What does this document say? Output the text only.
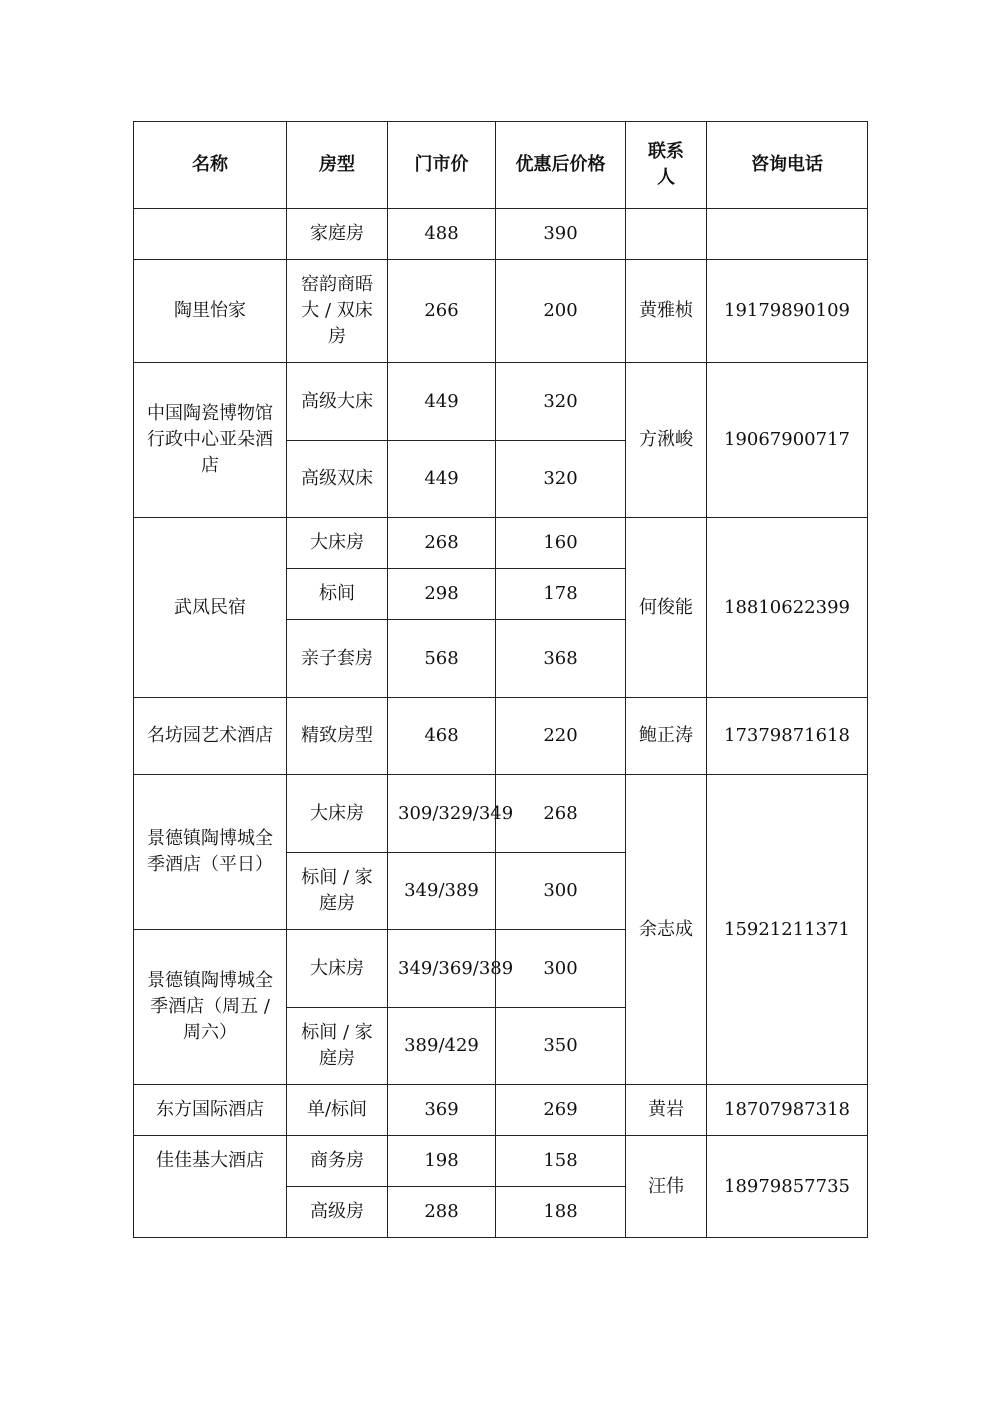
名称	房型	门市价	优惠后价格	联系人	咨询电话
	家庭房	488	390		
陶里怡家	窑韵商晤大 / 双床房	266	200	黄雅桢	19179890109
中国陶瓷博物馆行政中心亚朵酒店	高级大床	449	320	方湫峻	19067900717
	高级双床	449	320		
武凤民宿	大床房	268	160	何俊能	18810622399
	标间	298	178		
	亲子套房	568	368		
名坊园艺术酒店	精致房型	468	220	鲍正涛	17379871618
景德镇陶博城全季酒店（平日）	大床房	309/329/349	268	余志成	15921211371
	标间 / 家庭房	349/389	300		
景德镇陶博城全季酒店（周五 / 周六）	大床房	349/369/389	300		
	标间 / 家庭房	389/429	350		
东方国际酒店	单/标间	369	269	黄岩	18707987318
佳佳基大酒店	商务房	198	158	汪伟	18979857735
	高级房	288	188		
